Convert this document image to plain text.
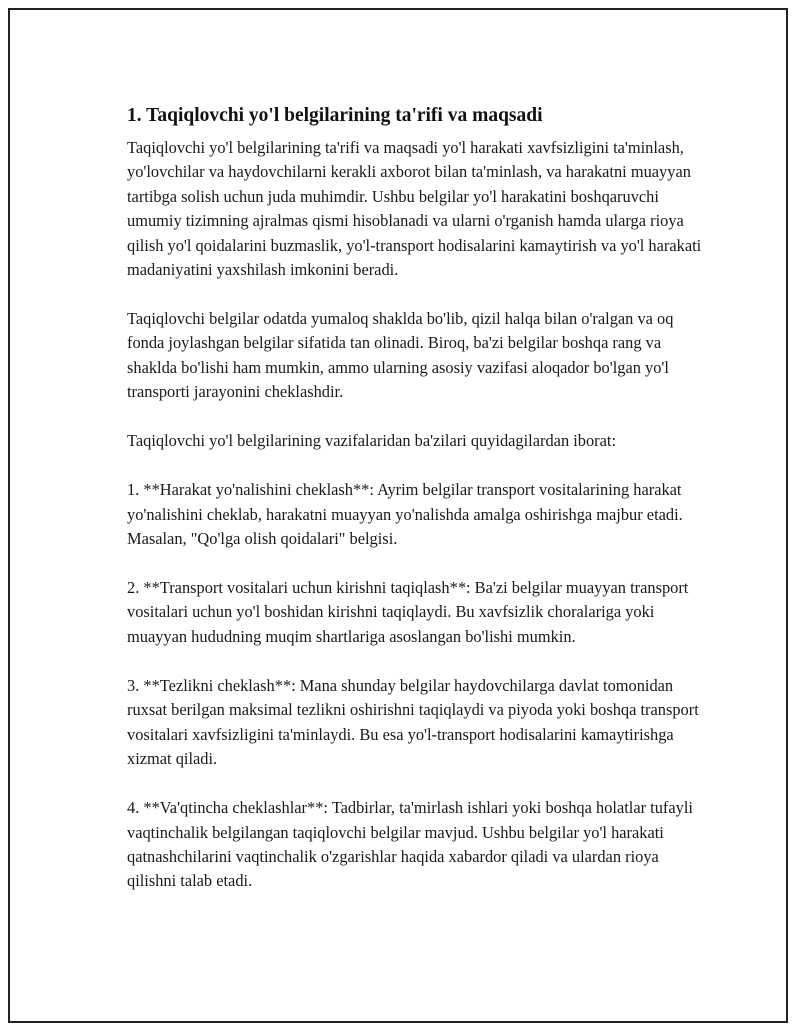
1. Taqiqlovchi yo'l belgilarining ta'rifi va maqsadi

Taqiqlovchi yo'l belgilarining ta'rifi va maqsadi yo'l harakati xavfsizligini ta'minlash, yo'lovchilar va haydovchilarni kerakli axborot bilan ta'minlash, va harakatni muayyan tartibga solish uchun juda muhimdir. Ushbu belgilar yo'l harakatini boshqaruvchi umumiy tizimning ajralmas qismi hisoblanadi va ularni o'rganish hamda ularga rioya qilish yo'l qoidalarini buzmaslik, yo'l-transport hodisalarini kamaytirish va yo'l harakati madaniyatini yaxshilash imkonini beradi.

Taqiqlovchi belgilar odatda yumaloq shaklda bo'lib, qizil halqa bilan o'ralgan va oq fonda joylashgan belgilar sifatida tan olinadi. Biroq, ba'zi belgilar boshqa rang va shaklda bo'lishi ham mumkin, ammo ularning asosiy vazifasi aloqador bo'lgan yo'l transporti jarayonini cheklashdir.

Taqiqlovchi yo'l belgilarining vazifalaridan ba'zilari quyidagilardan iborat:

1. **Harakat yo'nalishini cheklash**: Ayrim belgilar transport vositalarining harakat yo'nalishini cheklab, harakatni muayyan yo'nalishda amalga oshirishga majbur etadi. Masalan, "Qo'lga olish qoidalari" belgisi.

2. **Transport vositalari uchun kirishni taqiqlash**: Ba'zi belgilar muayyan transport vositalari uchun yo'l boshidan kirishni taqiqlaydi. Bu xavfsizlik choralariga yoki muayyan hududning muqim shartlariga asoslangan bo'lishi mumkin.

3. **Tezlikni cheklash**: Mana shunday belgilar haydovchilarga davlat tomonidan ruxsat berilgan maksimal tezlikni oshirishni taqiqlaydi va piyoda yoki boshqa transport vositalari xavfsizligini ta'minlaydi. Bu esa yo'l-transport hodisalarini kamaytirishga xizmat qiladi.

4. **Va'qtincha cheklashlar**: Tadbirlar, ta'mirlash ishlari yoki boshqa holatlar tufayli vaqtinchalik belgilangan taqiqlovchi belgilar mavjud. Ushbu belgilar yo'l harakati qatnashchilarini vaqtinchalik o'zgarishlar haqida xabardor qiladi va ulardan rioya qilishni talab etadi.
